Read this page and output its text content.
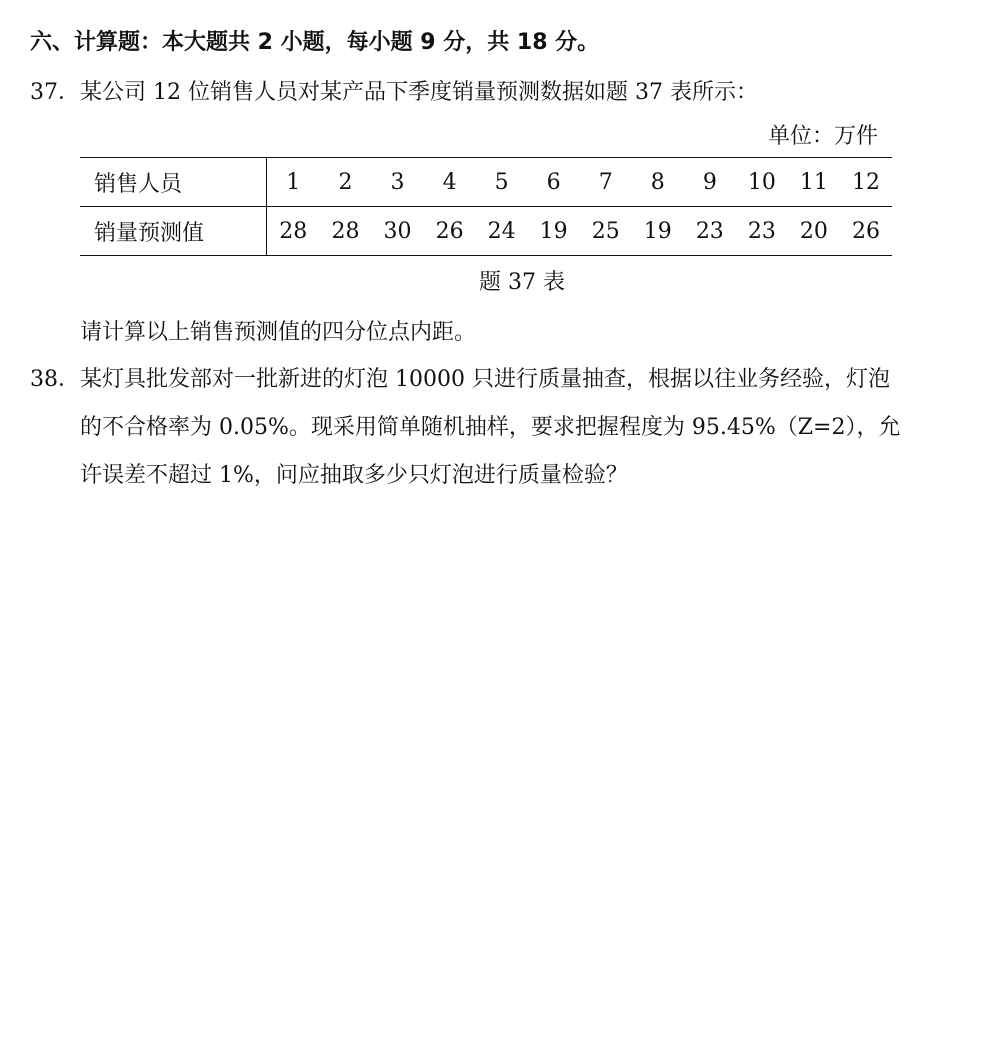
六、计算题：本大题共 2 小题，每小题 9 分，共 18 分。
37．某公司 12 位销售人员对某产品下季度销量预测数据如题 37 表所示：
单位：万件
销售人员	1	2	3	4	5	6	7	8	9	10	11	12
销量预测值	28	28	30	26	24	19	25	19	23	23	20	26
题 37 表
请计算以上销售预测值的四分位点内距。
38．某灯具批发部对一批新进的灯泡 10000 只进行质量抽查，根据以往业务经验，灯泡
的不合格率为 0.05%。现采用简单随机抽样，要求把握程度为 95.45%（Z=2），允
许误差不超过 1%，问应抽取多少只灯泡进行质量检验？
